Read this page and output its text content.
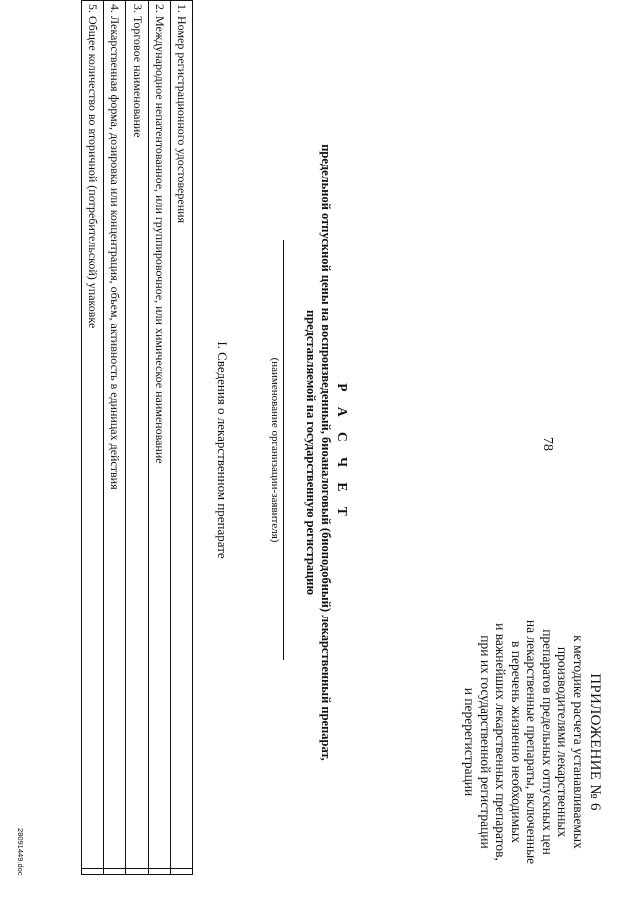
78
ПРИЛОЖЕНИЕ № 6
к методике расчета устанавливаемых
производителями лекарственных
препаратов предельных отпускных цен
на лекарственные препараты, включенные
в перечень жизненно необходимых
и важнейших лекарственных препаратов,
при их государственной регистрации
и перерегистрации
Р А С Ч Е Т
предельной отпускной цены на воспроизведенный, биоаналоговый (биоподобный) лекарственный препарат,
представляемой на государственную регистрацию
(наименование организации-заявителя)
I. Сведения о лекарственном препарате
1. Номер регистрационного удостоверения	
2. Международное непатентованное, или группировочное, или химическое наименование	
3. Торговое наименование	
4. Лекарственная форма, дозировка или концентрация, объем, активность в единицах действия	
5. Общее количество во вторичной (потребительской) упаковке	
28091449.doc
